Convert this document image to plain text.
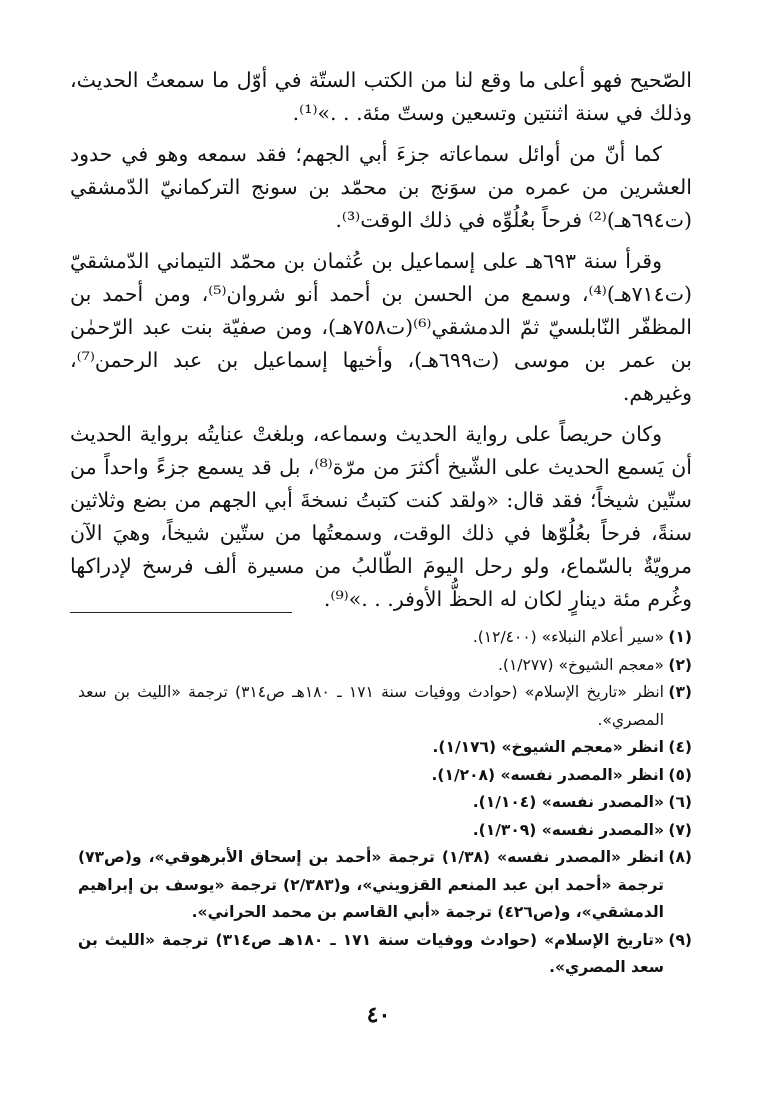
الصّحيح فهو أعلى ما وقع لنا من الكتب الستّة في أوّل ما سمعتُ الحديث، وذلك في سنة اثنتين وتسعين وستّ مئة. . .»⁽¹⁾.

كما أنّ من أوائل سماعاته جزءَ أبي الجهم؛ فقد سمعه وهو في حدود العشرين من عمره من سوَنج بن محمّد بن سونج التركمانيّ الدّمشقي (ت٦٩٤هـ)⁽²⁾ فرحاً بعُلُوِّه في ذلك الوقت⁽³⁾.

وقرأ سنة ٦٩٣هـ على إسماعيل بن عُثمان بن محمّد التيماني الدّمشقيّ (ت٧١٤هـ)⁽⁴⁾، وسمع من الحسن بن أحمد أنو شروان⁽⁵⁾، ومن أحمد بن المظفّر النّابلسيّ ثمّ الدمشقي⁽⁶⁾(ت٧٥٨هـ)، ومن صفيّة بنت عبد الرّحمٰن بن عمر بن موسى (ت٦٩٩هـ)، وأخيها إسماعيل بن عبد الرحمن⁽⁷⁾، وغيرهم.

وكان حريصاً على رواية الحديث وسماعه، وبلغتْ عنايتُه برواية الحديث أن يَسمع الحديث على الشّيخ أكثرَ من مرّة⁽⁸⁾، بل قد يسمع جزءً واحداً من ستّين شيخاً؛ فقد قال: «ولقد كنت كتبتُ نسخةَ أبي الجهم من بضع وثلاثين سنةً، فرحاً بعُلُوّها في ذلك الوقت، وسمعتُها من ستّين شيخاً، وهيَ الآن مرويّةٌ بالسّماع، ولو رحل اليومَ الطّالبُ من مسيرة ألف فرسخ لإدراكها وغُرم مئة دينارٍ لكان له الحظُّ الأوفر. . .»⁽⁹⁾.

(١)
«سير أعلام النبلاء» (١٢/٤٠٠).
(٢)
«معجم الشيوخ» (١/٢٧٧).
(٣)
انظر «تاريخ الإسلام» (حوادث ووفيات سنة ١٧١ ـ ١٨٠هـ ص٣١٤) ترجمة «الليث بن سعد المصري».
(٤)
انظر «معجم الشيوخ» (١/١٧٦).
(٥)
انظر «المصدر نفسه» (١/٢٠٨).
(٦)
«المصدر نفسه» (١/١٠٤).
(٧)
«المصدر نفسه» (١/٣٠٩).
(٨)
انظر «المصدر نفسه» (١/٣٨) ترجمة «أحمد بن إسحاق الأبرهوقي»، و(ص٧٣) ترجمة «أحمد ابن عبد المنعم القزويني»، و(٢/٣٨٣) ترجمة «يوسف بن إبراهيم الدمشقي»، و(ص٤٢٦) ترجمة «أبي القاسم بن محمد الحراني».
(٩)
«تاريخ الإسلام» (حوادث ووفيات سنة ١٧١ ـ ١٨٠هـ ص٣١٤) ترجمة «الليث بن سعد المصري».
٤٠
